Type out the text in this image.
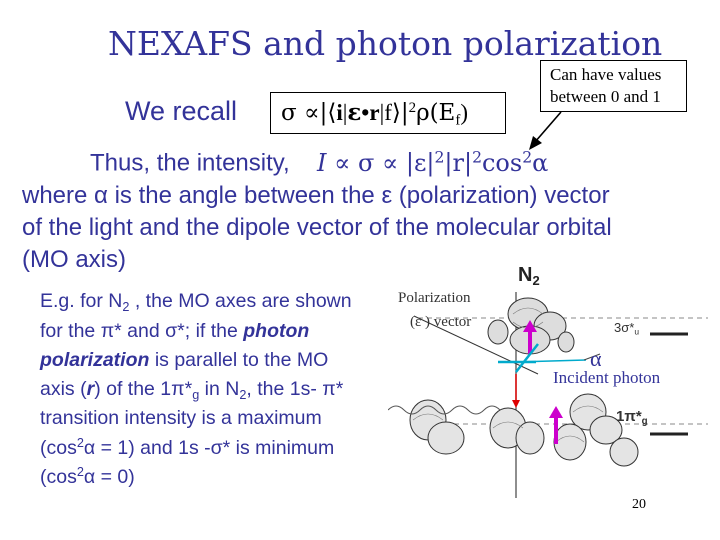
NEXAFS and photon polarization
We recall	$\sigma \propto|⟨i|\varepsilon•r|f⟩|^2\rho(E_f)$
Can have values
between 0 and 1
Thus, the intensity, $I \propto \sigma \propto |\varepsilon|^2|r|^2\cos^2\alpha$
where α is the angle between the ε (polarization) vector
of the light and the dipole vector of the molecular orbital
(MO axis)
E.g. for $N_2$ , the MO axes are shown
for the π* and σ*; if the photon
polarization is parallel to the MO
axis (r) of the $1\pi*_g$ in $N_2$, the 1s- π*
transition intensity is a maximum
$(\cos^2\alpha = 1)$ and 1s -σ* is minimum
$(\cos^2\alpha = 0)$
$N_2$
Polarization
(ε ) vector	$3\sigma*_u$
α
Incident photon
$1\pi*_g$
20
